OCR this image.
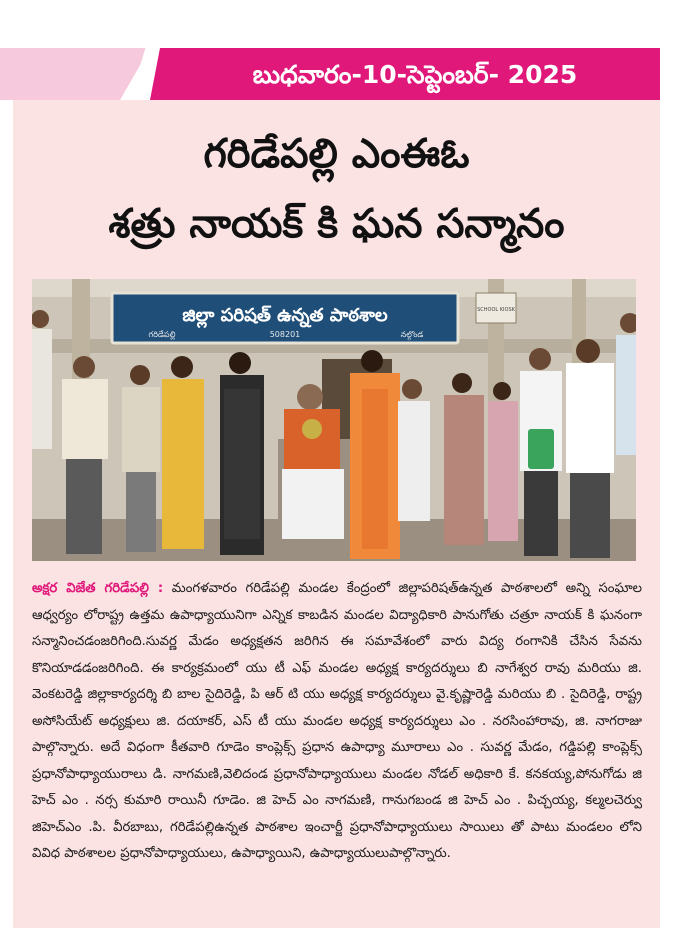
బుధవారం-10-సెప్టెంబర్- 2025
గరిడేపల్లి ఎంఈఓ
శత్రు నాయక్ కి ఘన సన్మానం
జిల్లా పరిషత్ ఉన్నత పాఠశాల
గరిడేపల్లి	508201	నల్గొండ
SCHOOL KIOSK
అక్షర విజేత గరిడేపల్లి : మంగళవారం గరిడేపల్లి మండల కేంద్రంలో జిల్లాపరిషత్ఉన్నత పాఠశాలలో అన్ని సంఘాల ఆధ్వర్యం లోరాష్ట్ర ఉత్తమ ఉపాధ్యాయునిగా ఎన్నిక కాబడిన మండల విద్యాధికారి పానుగోతు చత్రూ నాయక్ కి ఘనంగా సన్మానించడంజరిగింది.సువర్ణ మేడం అధ్యక్షతన జరిగిన ఈ సమావేశంలో వారు విద్య రంగానికి చేసిన సేవను కొనియాడడంజరిగింది. ఈ కార్యక్రమంలో యు టీ ఎఫ్ మండల అధ్యక్ష కార్యదర్శులు బి నాగేశ్వర రావు మరియు జి. వెంకటరెడ్డి జిల్లాకార్యదర్శి బి బాల సైదిరెడ్డి, పి ఆర్ టి యు అధ్యక్ష కార్యదర్శులు వై.కృష్ణారెడ్డి మరియు బి . సైదిరెడ్డి, రాష్ట్ర అసోసియేట్ అధ్యక్షులు జి. దయాకర్, ఎస్ టీ యు మండల అధ్యక్ష కార్యదర్శులు ఎం . నరసింహారావు, జి. నాగరాజు పాల్గొన్నారు. అదే విధంగా కీతవారి గూడెం కాంప్లెక్స్ ప్రధాన ఉపాధ్యా మూరాలు ఎం . సువర్ణ మేడం, గడ్డిపల్లి కాంప్లెక్స్ ప్రధానోపాధ్యాయురాలు డి. నాగమణి,వెలిదండ ప్రధానోపాధ్యాయులు మండల నోడల్ అధికారి కే. కనకయ్య,పోనుగోడు జి హెచ్ ఎం . నర్స కుమారి రాయినీ గూడెం. జి హెచ్ ఎం నాగమణి, గానుగబండ జి హెచ్ ఎం . పిచ్చయ్య, కల్మలచెర్వు జిహెచ్ఎం .పి. వీరబాబు, గరిడేపల్లిఉన్నత పాఠశాల ఇంచార్జీ ప్రధానోపాధ్యాయులు సాయిలు తో పాటు మండలం లోని వివిధ పాఠశాలల ప్రధానోపాధ్యాయులు, ఉపాధ్యాయిని, ఉపాధ్యాయులుపాల్గొన్నారు.
